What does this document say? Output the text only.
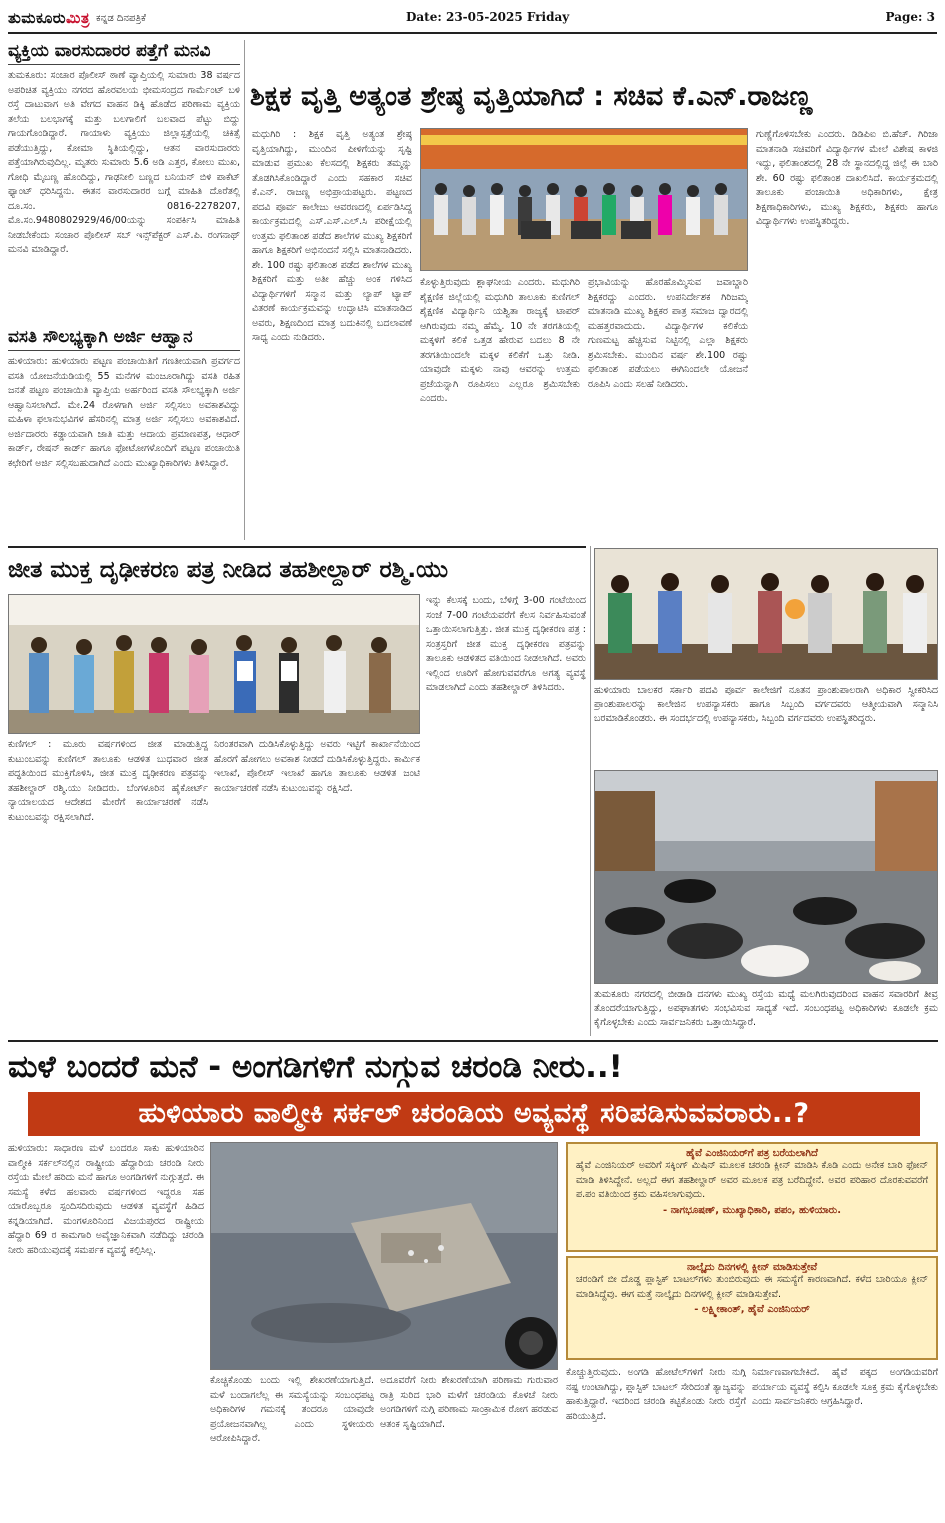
ತುಮಕೂರುಮಿತ್ರ ಕನ್ನಡ ದಿನಪತ್ರಿಕೆ	Date: 23-05-2025 Friday	Page: 3
ವ್ಯಕ್ತಿಯ ವಾರಸುದಾರರ ಪತ್ತೆಗೆ ಮನವಿ
ತುಮಕೂರು: ಸಂಚಾರ ಪೊಲೀಸ್ ಠಾಣೆ ವ್ಯಾಪ್ತಿಯಲ್ಲಿ ಸುಮಾರು 38 ವರ್ಷದ ಅಪರಿಚಿತ ವ್ಯಕ್ತಿಯು ನಗರದ ಹೊರವಲಯ ಭೀಮಸಂದ್ರದ ಗಾರ್ಮೆಂಟ್ ಬಳಿ ರಸ್ತೆ ದಾಟುವಾಗ ಅತಿ ವೇಗದ ವಾಹನ ಡಿಕ್ಕಿ ಹೊಡೆದ ಪರಿಣಾಮ ವ್ಯಕ್ತಿಯ ತಲೆಯ ಬಲಭಾಗಕ್ಕೆ ಮತ್ತು ಬಲಗಾಲಿಗೆ ಬಲವಾದ ಪೆಟ್ಟು ಬಿದ್ದು ಗಾಯಗೊಂಡಿದ್ದಾರೆ. ಗಾಯಾಳು ವ್ಯಕ್ತಿಯು ಜಿಲ್ಲಾಸ್ಪತ್ರೆಯಲ್ಲಿ ಚಿಕಿತ್ಸೆ ಪಡೆಯುತ್ತಿದ್ದು, ಕೋಮಾ ಸ್ಥಿತಿಯಲ್ಲಿದ್ದು, ಆತನ ವಾರಸುದಾರರು ಪತ್ತೆಯಾಗಿರುವುದಿಲ್ಲ. ಮೃತರು ಸುಮಾರು 5.6 ಅಡಿ ಎತ್ತರ, ಕೋಲು ಮುಖ, ಗೋಧಿ ಮೈಬಣ್ಣ ಹೊಂದಿದ್ದು, ಗಾಢನೀಲಿ ಬಣ್ಣದ ಬನಿಯನ್ ಬಿಳಿ ಪಾಕೆಟ್ ಫ್ಯಾಂಟ್ ಧರಿಸಿದ್ದನು. ಈತನ ವಾರಸುದಾರರ ಬಗ್ಗೆ ಮಾಹಿತಿ ದೊರೆತಲ್ಲಿ ದೂ.ಸಂ. 0816-2278207, ಮೊ.ಸಂ.9480802929/46/00ಯನ್ನು ಸಂಪರ್ಕಿಸಿ ಮಾಹಿತಿ ನೀಡಬೇಕೆಂದು ಸಂಚಾರ ಪೊಲೀಸ್ ಸಬ್ ಇನ್ಸ್‌ಪೆಕ್ಟರ್ ಎಸ್.ಪಿ. ರಂಗನಾಥ್ ಮನವಿ ಮಾಡಿದ್ದಾರೆ.
ವಸತಿ ಸೌಲಭ್ಯಕ್ಕಾಗಿ ಅರ್ಜಿ ಆಹ್ವಾನ
ಹುಳಿಯಾರು: ಹುಳಿಯಾರು ಪಟ್ಟಣ ಪಂಚಾಯಿತಿಗೆ ಗಣತೀಯವಾಗಿ ಪ್ರವರ್ಗದ ವಸತಿ ಯೋಜನೆಯಡಿಯಲ್ಲಿ 55 ಮನೆಗಳ ಮಂಜೂರಾಗಿದ್ದು ವಸತಿ ರಹಿತ ಜನತೆ ಪಟ್ಟಣ ಪಂಚಾಯಿತಿ ವ್ಯಾಪ್ತಿಯ ಅರ್ಹರಿಂದ ವಸತಿ ಸೌಲಭ್ಯಕ್ಕಾಗಿ ಅರ್ಜಿ ಆಹ್ವಾನಿಸಲಾಗಿದೆ. ಮೇ.24 ರೊಳಗಾಗಿ ಅರ್ಜಿ ಸಲ್ಲಿಸಲು ಅವಕಾಶವಿದ್ದು ಮಹಿಳಾ ಫಲಾನುಭವಿಗಳ ಹೆಸರಿನಲ್ಲಿ ಮಾತ್ರ ಅರ್ಜಿ ಸಲ್ಲಿಸಲು ಅವಕಾಶವಿದೆ. ಅರ್ಜಿದಾರರು ಕಡ್ಡಾಯವಾಗಿ ಜಾತಿ ಮತ್ತು ಆದಾಯ ಪ್ರಮಾಣಪತ್ರ, ಆಧಾರ್ ಕಾರ್ಡ್, ರೇಷನ್ ಕಾರ್ಡ್ ಹಾಗೂ ಫೋಟೋಗಳೊಂದಿಗೆ ಪಟ್ಟಣ ಪಂಚಾಯಿತಿ ಕಛೇರಿಗೆ ಅರ್ಜಿ ಸಲ್ಲಿಸಬಹುದಾಗಿದೆ ಎಂದು ಮುಖ್ಯಾಧಿಕಾರಿಗಳು ತಿಳಿಸಿದ್ದಾರೆ.
ಶಿಕ್ಷಕ ವೃತ್ತಿ ಅತ್ಯಂತ ಶ್ರೇಷ್ಠ ವೃತ್ತಿಯಾಗಿದೆ : ಸಚಿವ ಕೆ.ಎನ್.ರಾಜಣ್ಣ
ಮಧುಗಿರಿ : ಶಿಕ್ಷಕ ವೃತ್ತಿ ಅತ್ಯಂತ ಶ್ರೇಷ್ಠ ವೃತ್ತಿಯಾಗಿದ್ದು, ಮುಂದಿನ ಪೀಳಿಗೆಯನ್ನು ಸೃಷ್ಟಿ ಮಾಡುವ ಪ್ರಮುಖ ಕೆಲಸದಲ್ಲಿ ಶಿಕ್ಷಕರು ತಮ್ಮನ್ನು ತೊಡಗಿಸಿಕೊಂಡಿದ್ದಾರೆ ಎಂದು ಸಹಕಾರ ಸಚಿವ ಕೆ.ಎನ್. ರಾಜಣ್ಣ ಅಭಿಪ್ರಾಯಪಟ್ಟರು. ಪಟ್ಟಣದ ಪದವಿ ಪೂರ್ವ ಕಾಲೇಜು ಆವರಣದಲ್ಲಿ ಏರ್ಪಡಿಸಿದ್ದ ಕಾರ್ಯಕ್ರಮದಲ್ಲಿ ಎಸ್.ಎಸ್.ಎಲ್.ಸಿ ಪರೀಕ್ಷೆಯಲ್ಲಿ ಉತ್ತಮ ಫಲಿತಾಂಶ ಪಡೆದ ಶಾಲೆಗಳ ಮುಖ್ಯ ಶಿಕ್ಷಕರಿಗೆ ಹಾಗೂ ಶಿಕ್ಷಕರಿಗೆ ಅಭಿನಂದನೆ ಸಲ್ಲಿಸಿ ಮಾತನಾಡಿದರು. ಶೇ. 100 ರಷ್ಟು ಫಲಿತಾಂಶ ಪಡೆದ ಶಾಲೆಗಳ ಮುಖ್ಯ ಶಿಕ್ಷಕರಿಗೆ ಮತ್ತು ಅತೀ ಹೆಚ್ಚು ಅಂಕ ಗಳಿಸಿದ ವಿದ್ಯಾರ್ಥಿಗಳಿಗೆ ಸನ್ಮಾನ ಮತ್ತು ಲ್ಯಾಪ್ ಟ್ಯಾಪ್ ವಿತರಣೆ ಕಾರ್ಯಕ್ರಮವನ್ನು ಉದ್ಘಾಟಿಸಿ ಮಾತನಾಡಿದ ಅವರು, ಶಿಕ್ಷಣದಿಂದ ಮಾತ್ರ ಬದುಕಿನಲ್ಲಿ ಬದಲಾವಣೆ ಸಾಧ್ಯ ಎಂದು ನುಡಿದರು.
ಕೊಳ್ಳುತ್ತಿರುವುದು ಶ್ಲಾಘನೀಯ ಎಂದರು. ಮಧುಗಿರಿ ಶೈಕ್ಷಣಿಕ ಜಿಲ್ಲೆಯಲ್ಲಿ ಮಧುಗಿರಿ ತಾಲೂಕು ಕುಣಿಗಲ್ ಶೈಕ್ಷಣಿಕ ವಿದ್ಯಾರ್ಥಿನಿ ಯಶ್ವಿತಾ ರಾಜ್ಯಕ್ಕೆ ಟಾಪರ್ ಆಗಿರುವುದು ನಮ್ಮ ಹೆಮ್ಮೆ. 10 ನೇ ತರಗತಿಯಲ್ಲಿ ಮಕ್ಕಳಿಗೆ ಕಲಿಕೆ ಒತ್ತಡ ಹೇರುವ ಬದಲು 8 ನೇ ತರಗತಿಯಿಂದಲೇ ಮಕ್ಕಳ ಕಲಿಕೆಗೆ ಒತ್ತು ನೀಡಿ. ಯಾವುದೇ ಮಕ್ಕಳು ನಾವು ಆವರನ್ನು ಉತ್ತಮ ಪ್ರಜೆಯನ್ನಾಗಿ ರೂಪಿಸಲು ಎಲ್ಲರೂ ಶ್ರಮಿಸಬೇಕು ಎಂದರು.
ಪ್ರಭಾವಿಯನ್ನು ಹೊರಹೊಮ್ಮಿಸುವ ಜವಾಬ್ದಾರಿ ಶಿಕ್ಷಕರದ್ದು ಎಂದರು. ಉಪನಿರ್ದೇಶಕ ಗಿರಿಜಮ್ಮ ಮಾತನಾಡಿ ಮುಖ್ಯ ಶಿಕ್ಷಕರ ಪಾತ್ರ ಸಮಾಜ ದ್ವಾರದಲ್ಲಿ ಮಹತ್ತರವಾದುದು. ವಿದ್ಯಾರ್ಥಿಗಳ ಕಲಿಕೆಯ ಗುಣಮಟ್ಟ ಹೆಚ್ಚಿಸುವ ನಿಟ್ಟಿನಲ್ಲಿ ಎಲ್ಲಾ ಶಿಕ್ಷಕರು ಶ್ರಮಿಸಬೇಕು. ಮುಂದಿನ ವರ್ಷ ಶೇ.100 ರಷ್ಟು ಫಲಿತಾಂಶ ಪಡೆಯಲು ಈಗಿನಿಂದಲೇ ಯೋಜನೆ ರೂಪಿಸಿ ಎಂದು ಸಲಹೆ ನೀಡಿದರು.
ಗುಣ್ಣೆಗೊಳಿಸಬೇಕು ಎಂದರು. ಡಿಡಿಪಿಐ ಬಿ.ಹೆಚ್. ಗಿರಿಜಾ ಮಾತನಾಡಿ ಸಚಿವರಿಗೆ ವಿದ್ಯಾರ್ಥಿಗಳ ಮೇಲೆ ವಿಶೇಷ ಕಾಳಜಿ ಇದ್ದು, ಫಲಿತಾಂಶದಲ್ಲಿ 28 ನೇ ಸ್ಥಾನದಲ್ಲಿದ್ದ ಜಿಲ್ಲೆ ಈ ಬಾರಿ ಶೇ. 60 ರಷ್ಟು ಫಲಿತಾಂಶ ದಾಖಲಿಸಿದೆ. ಕಾರ್ಯಕ್ರಮದಲ್ಲಿ ತಾಲೂಕು ಪಂಚಾಯಿತಿ ಅಧಿಕಾರಿಗಳು, ಕ್ಷೇತ್ರ ಶಿಕ್ಷಣಾಧಿಕಾರಿಗಳು, ಮುಖ್ಯ ಶಿಕ್ಷಕರು, ಶಿಕ್ಷಕರು ಹಾಗೂ ವಿದ್ಯಾರ್ಥಿಗಳು ಉಪಸ್ಥಿತರಿದ್ದರು.
ಜೀತ ಮುಕ್ತ ದೃಢೀಕರಣ ಪತ್ರ ನೀಡಿದ ತಹಶೀಲ್ದಾರ್ ರಶ್ಮಿ.ಯು
ಕುಣಿಗಲ್ : ಮೂರು ವರ್ಷಗಳಿಂದ ಜೀತ ಮಾಡುತ್ತಿದ್ದ ಕುಟುಂಬವನ್ನು ಕುಣಿಗಲ್ ತಾಲೂಕು ಆಡಳಿತ ಬುಧವಾರ ಜೀತ ಪದ್ಧತಿಯಿಂದ ಮುಕ್ತಿಗೊಳಿಸಿ, ಜೀತ ಮುಕ್ತ ದೃಢೀಕರಣ ಪತ್ರವನ್ನು ತಹಶೀಲ್ದಾರ್ ರಶ್ಮಿ.ಯು ನೀಡಿದರು. ಬೆಂಗಳೂರಿನ ಹೈಕೋರ್ಟ್ ನ್ಯಾಯಾಲಯದ ಆದೇಶದ ಮೇರೆಗೆ ಕಾರ್ಯಾಚರಣೆ ನಡೆಸಿ ಕುಟುಂಬವನ್ನು ರಕ್ಷಿಸಲಾಗಿದೆ.
ನಿರಂತರವಾಗಿ ದುಡಿಸಿಕೊಳ್ಳುತ್ತಿದ್ದು ಅವರು ಇಟ್ಟಿಗೆ ಕಾರ್ಖಾನೆಯಿಂದ ಹೊರಗೆ ಹೋಗಲು ಅವಕಾಶ ನೀಡದೆ ದುಡಿಸಿಕೊಳ್ಳುತ್ತಿದ್ದರು. ಕಾರ್ಮಿಕ ಇಲಾಖೆ, ಪೊಲೀಸ್ ಇಲಾಖೆ ಹಾಗೂ ತಾಲೂಕು ಆಡಳಿತ ಜಂಟಿ ಕಾರ್ಯಾಚರಣೆ ನಡೆಸಿ ಕುಟುಂಬವನ್ನು ರಕ್ಷಿಸಿದೆ.
ಇನ್ನು ಕೆಲಸಕ್ಕೆ ಬಂದು, ಬೆಳಿಗ್ಗೆ 3-00 ಗಂಟೆಯಿಂದ ಸಂಜೆ 7-00 ಗಂಟೆಯವರೆಗೆ ಕೆಲಸ ನಿರ್ವಹಿಸುವಂತೆ ಒತ್ತಾಯಿಸಲಾಗುತ್ತಿತ್ತು. ಜೀತ ಮುಕ್ತ ದೃಢೀಕರಣ ಪತ್ರ : ಸಂತ್ರಸ್ತರಿಗೆ ಜೀತ ಮುಕ್ತ ದೃಢೀಕರಣ ಪತ್ರವನ್ನು ತಾಲೂಕು ಆಡಳಿತದ ವತಿಯಿಂದ ನೀಡಲಾಗಿದೆ. ಅವರು ಇಲ್ಲಿಂದ ಊರಿಗೆ ಹೋಗುವವರೆಗೂ ಅಗತ್ಯ ವ್ಯವಸ್ಥೆ ಮಾಡಲಾಗಿದೆ ಎಂದು ತಹಶೀಲ್ದಾರ್ ತಿಳಿಸಿದರು.	ಹುಳಿಯಾರು ಬಾಲಕರ ಸರ್ಕಾರಿ ಪದವಿ ಪೂರ್ವ ಕಾಲೇಜಿಗೆ ನೂತನ ಪ್ರಾಂಶುಪಾಲರಾಗಿ ಅಧಿಕಾರ ಸ್ವೀಕರಿಸಿದ ಪ್ರಾಂಶುಪಾಲರನ್ನು ಕಾಲೇಜಿನ ಉಪನ್ಯಾಸಕರು ಹಾಗೂ ಸಿಬ್ಬಂದಿ ವರ್ಗದವರು ಆತ್ಮೀಯವಾಗಿ ಸನ್ಮಾನಿಸಿ ಬರಮಾಡಿಕೊಂಡರು. ಈ ಸಂದರ್ಭದಲ್ಲಿ ಉಪನ್ಯಾಸಕರು, ಸಿಬ್ಬಂದಿ ವರ್ಗದವರು ಉಪಸ್ಥಿತರಿದ್ದರು.
ತುಮಕೂರು ನಗರದಲ್ಲಿ ಬೀಡಾಡಿ ದನಗಳು ಮುಖ್ಯ ರಸ್ತೆಯ ಮಧ್ಯೆ ಮಲಗಿರುವುದರಿಂದ ವಾಹನ ಸವಾರರಿಗೆ ತೀವ್ರ ತೊಂದರೆಯಾಗುತ್ತಿದ್ದು, ಅಪಘಾತಗಳು ಸಂಭವಿಸುವ ಸಾಧ್ಯತೆ ಇದೆ. ಸಂಬಂಧಪಟ್ಟ ಅಧಿಕಾರಿಗಳು ಕೂಡಲೇ ಕ್ರಮ ಕೈಗೊಳ್ಳಬೇಕು ಎಂದು ಸಾರ್ವಜನಿಕರು ಒತ್ತಾಯಿಸಿದ್ದಾರೆ.
ಮಳೆ ಬಂದರೆ ಮನೆ - ಅಂಗಡಿಗಳಿಗೆ ನುಗ್ಗುವ ಚರಂಡಿ ನೀರು..!
ಹುಳಿಯಾರು ವಾಲ್ಮೀಕಿ ಸರ್ಕಲ್ ಚರಂಡಿಯ ಅವ್ಯವಸ್ಥೆ ಸರಿಪಡಿಸುವವರಾರು..?
ಹುಳಿಯಾರು: ಸಾಧಾರಣ ಮಳೆ ಬಂದರೂ ಸಾಕು ಹುಳಿಯಾರಿನ ವಾಲ್ಮೀಕಿ ಸರ್ಕಲ್‌ನಲ್ಲಿನ ರಾಷ್ಟ್ರೀಯ ಹೆದ್ದಾರಿಯ ಚರಂಡಿ ನೀರು ರಸ್ತೆಯ ಮೇಲೆ ಹರಿದು ಮನೆ ಹಾಗೂ ಅಂಗಡಿಗಳಿಗೆ ನುಗ್ಗುತ್ತದೆ. ಈ ಸಮಸ್ಯೆ ಕಳೆದ ಹಲವಾರು ವರ್ಷಗಳಿಂದ ಇದ್ದರೂ ಸಹ ಯಾರೊಬ್ಬರೂ ಸ್ಪಂದಿಸದಿರುವುದು ಆಡಳಿತ ವ್ಯವಸ್ಥೆಗೆ ಹಿಡಿದ ಕನ್ನಡಿಯಾಗಿದೆ. ಮಂಗಳೂರಿನಿಂದ ವಿಜಯಪುರದ ರಾಷ್ಟ್ರೀಯ ಹೆದ್ದಾರಿ 69 ರ ಕಾಮಗಾರಿ ಅವೈಜ್ಞಾನಿಕವಾಗಿ ನಡೆದಿದ್ದು ಚರಂಡಿ ನೀರು ಹರಿಯುವುದಕ್ಕೆ ಸಮರ್ಪಕ ವ್ಯವಸ್ಥೆ ಕಲ್ಪಿಸಿಲ್ಲ.
ಕೊಚ್ಚಿಕೊಂಡು ಬಂದು ಇಲ್ಲಿ ಶೇಖರಣೆಯಾಗುತ್ತಿದೆ. ಮಳೆ ಬಂದಾಗಲೆಲ್ಲ ಈ ಸಮಸ್ಯೆಯನ್ನು ಸಂಬಂಧಪಟ್ಟ ಅಧಿಕಾರಿಗಳ ಗಮನಕ್ಕೆ ತಂದರೂ ಯಾವುದೇ ಪ್ರಯೋಜನವಾಗಿಲ್ಲ ಎಂದು ಸ್ಥಳೀಯರು ಆರೋಪಿಸಿದ್ದಾರೆ.
ಅದೂವರೆಗೆ ನೀರು ಶೇಖರಣೆಯಾಗಿ ಪರಿಣಾಮ ಗುರುವಾರ ರಾತ್ರಿ ಸುರಿದ ಭಾರಿ ಮಳೆಗೆ ಚರಂಡಿಯ ಕೊಳಚೆ ನೀರು ಅಂಗಡಿಗಳಿಗೆ ನುಗ್ಗಿ ಪರಿಣಾಮ ಸಾಂಕ್ರಾಮಿಕ ರೋಗ ಹರಡುವ ಆತಂಕ ಸೃಷ್ಟಿಯಾಗಿದೆ.
ಹೈವೆ ಎಂಜಿನಿಯರ್‌ಗೆ ಪತ್ರ ಬರೆಯಲಾಗಿದೆ
ಹೈವೆ ಎಂಜಿನಿಯರ್ ಅವರಿಗೆ ಸಕ್ಕಿಂಗ್ ಮಿಷಿನ್ ಮೂಲಕ ಚರಂಡಿ ಕ್ಲೀನ್ ಮಾಡಿಸಿ ಕೊಡಿ ಎಂದು ಅನೇಕ ಬಾರಿ ಫೋನ್ ಮಾಡಿ ತಿಳಿಸಿದ್ದೇನೆ. ಅಲ್ಲದೆ ಈಗ ತಹಶೀಲ್ದಾರ್ ಅವರ ಮೂಲಕ ಪತ್ರ ಬರೆದಿದ್ದೇನೆ. ಅವರ ಪರಿಹಾರ ದೊರಕುವವರೆಗೆ ಪ.ಪಂ ವತಿಯಿಂದ ಕ್ರಮ ವಹಿಸಲಾಗುವುದು.
- ನಾಗಭೂಷಣ್, ಮುಖ್ಯಾಧಿಕಾರಿ, ಪಪಂ, ಹುಳಿಯಾರು.
ನಾಲ್ಕೈದು ದಿನಗಳಲ್ಲಿ ಕ್ಲೀನ್ ಮಾಡಿಸುತ್ತೇವೆ
ಚರಂಡಿಗೆ ಬೀ ದೊಡ್ಡ ಪ್ಲಾಸ್ಟಿಕ್ ಬಾಟಲ್‌ಗಳು ತುಂಬಿರುವುದು ಈ ಸಮಸ್ಯೆಗೆ ಕಾರಣವಾಗಿದೆ. ಕಳೆದ ಬಾರಿಯೂ ಕ್ಲೀನ್ ಮಾಡಿಸಿದ್ದೆವು. ಈಗ ಮತ್ತೆ ನಾಲ್ಕೈದು ದಿನಗಳಲ್ಲಿ ಕ್ಲೀನ್ ಮಾಡಿಸುತ್ತೇವೆ.
- ಲಕ್ಷ್ಮೀಕಾಂತ್, ಹೈವೆ ಎಂಜಿನಿಯರ್
ಕೊಚ್ಚುತ್ತಿರುವುದು. ಅಂಗಡಿ ಹೋಟೆಲ್‌ಗಳಿಗೆ ನೀರು ನುಗ್ಗಿ ನಷ್ಟ ಉಂಟಾಗಿದ್ದು, ಪ್ಲಾಸ್ಟಿಕ್ ಬಾಟಲ್ ಸೇರಿದಂತೆ ತ್ಯಾಜ್ಯವನ್ನು ಹಾಕುತ್ತಿದ್ದಾರೆ. ಇದರಿಂದ ಚರಂಡಿ ಕಟ್ಟಿಕೊಂಡು ನೀರು ರಸ್ತೆಗೆ ಹರಿಯುತ್ತಿದೆ.
ನಿರ್ಮಾಣವಾಗಬೇಕಿದೆ. ಹೈವೆ ಪಕ್ಕದ ಅಂಗಡಿಯವರಿಗೆ ಪರ್ಯಾಯ ವ್ಯವಸ್ಥೆ ಕಲ್ಪಿಸಿ ಕೂಡಲೇ ಸೂಕ್ತ ಕ್ರಮ ಕೈಗೊಳ್ಳಬೇಕು ಎಂದು ಸಾರ್ವಜನಿಕರು ಆಗ್ರಹಿಸಿದ್ದಾರೆ.
